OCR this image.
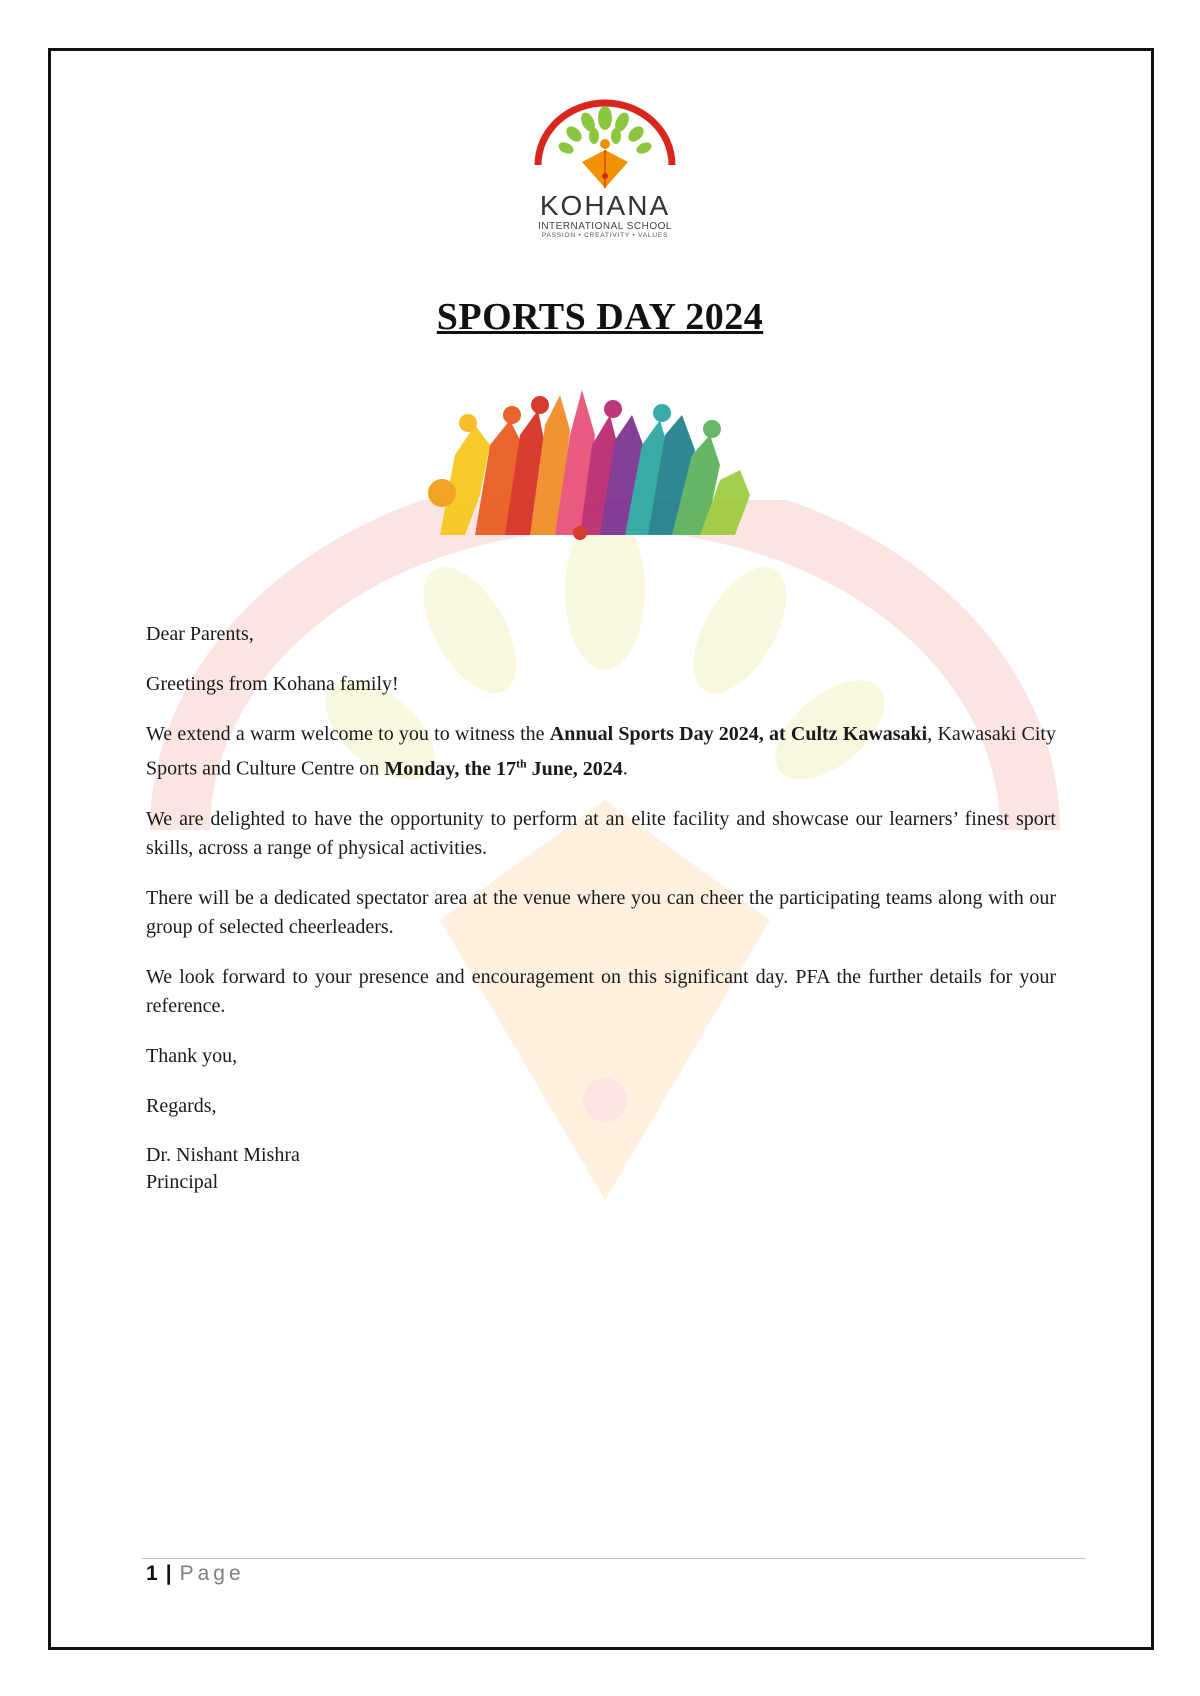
KOHANA
INTERNATIONAL SCHOOL
PASSION • CREATIVITY • VALUES
SPORTS DAY 2024

Dear Parents,

Greetings from Kohana family!

We extend a warm welcome to you to witness the Annual Sports Day 2024, at Cultz Kawasaki, Kawasaki City Sports and Culture Centre on Monday, the 17th June, 2024.

We are delighted to have the opportunity to perform at an elite facility and showcase our learners’ finest sport skills, across a range of physical activities.

There will be a dedicated spectator area at the venue where you can cheer the participating teams along with our group of selected cheerleaders.

We look forward to your presence and encouragement on this significant day. PFA the further details for your reference.

Thank you,

Regards,

Dr. Nishant Mishra
Principal

1 | Page
